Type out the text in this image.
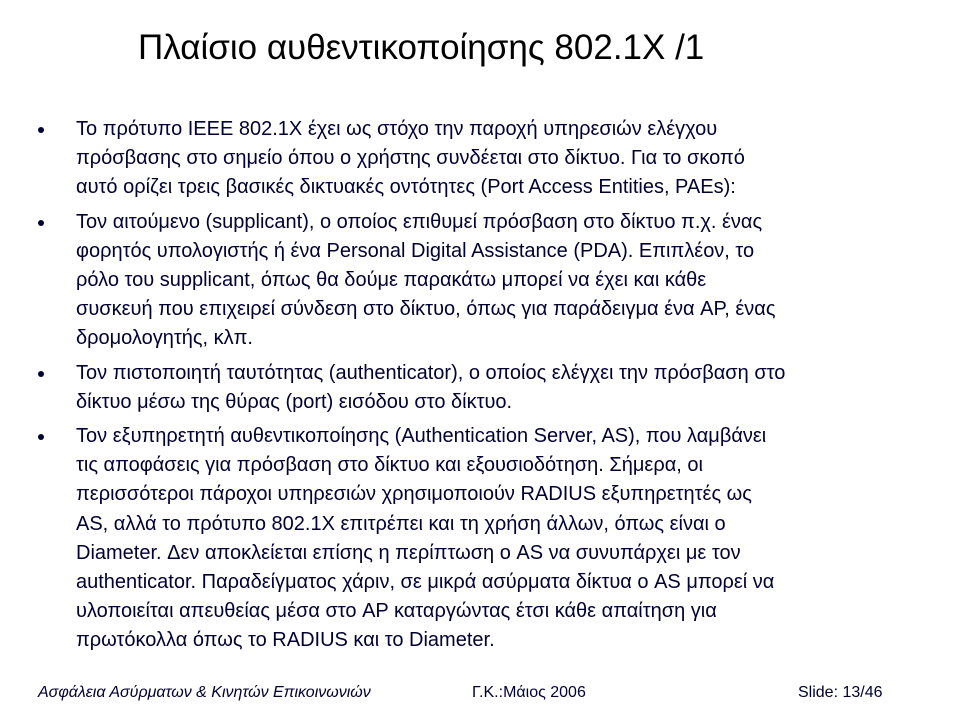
Πλαίσιο αυθεντικοποίησης 802.1X /1
Το πρότυπο IEEE 802.1X έχει ως στόχο την παροχή υπηρεσιών ελέγχου
πρόσβασης στο σημείο όπου ο χρήστης συνδέεται στο δίκτυο. Για το σκοπό
αυτό ορίζει τρεις βασικές δικτυακές οντότητες (Port Access Entities, PAEs):
Τον αιτούμενο (supplicant), ο οποίος επιθυμεί πρόσβαση στο δίκτυο π.χ. ένας
φορητός υπολογιστής ή ένα Personal Digital Assistance (PDA). Επιπλέον, το
ρόλο του supplicant, όπως θα δούμε παρακάτω μπορεί να έχει και κάθε
συσκευή που επιχειρεί σύνδεση στο δίκτυο, όπως για παράδειγμα ένα AP, ένας
δρομολογητής, κλπ.
Τον πιστοποιητή ταυτότητας (authenticator), ο οποίος ελέγχει την πρόσβαση στο
δίκτυο μέσω της θύρας (port) εισόδου στο δίκτυο.
Τον εξυπηρετητή αυθεντικοποίησης (Authentication Server, AS), που λαμβάνει
τις αποφάσεις για πρόσβαση στο δίκτυο και εξουσιοδότηση. Σήμερα, οι
περισσότεροι πάροχοι υπηρεσιών χρησιμοποιούν RADIUS εξυπηρετητές ως
AS, αλλά το πρότυπο 802.1X επιτρέπει και τη χρήση άλλων, όπως είναι ο
Diameter. Δεν αποκλείεται επίσης η περίπτωση ο AS να συνυπάρχει με τον
authenticator. Παραδείγματος χάριν, σε μικρά ασύρματα δίκτυα ο AS μπορεί να
υλοποιείται απευθείας μέσα στο AP καταργώντας έτσι κάθε απαίτηση για
πρωτόκολλα όπως το RADIUS και το Diameter.
Ασφάλεια Ασύρματων & Κινητών Επικοινωνιών	Γ.Κ.:Μάιος 2006	Slide: 13/46
